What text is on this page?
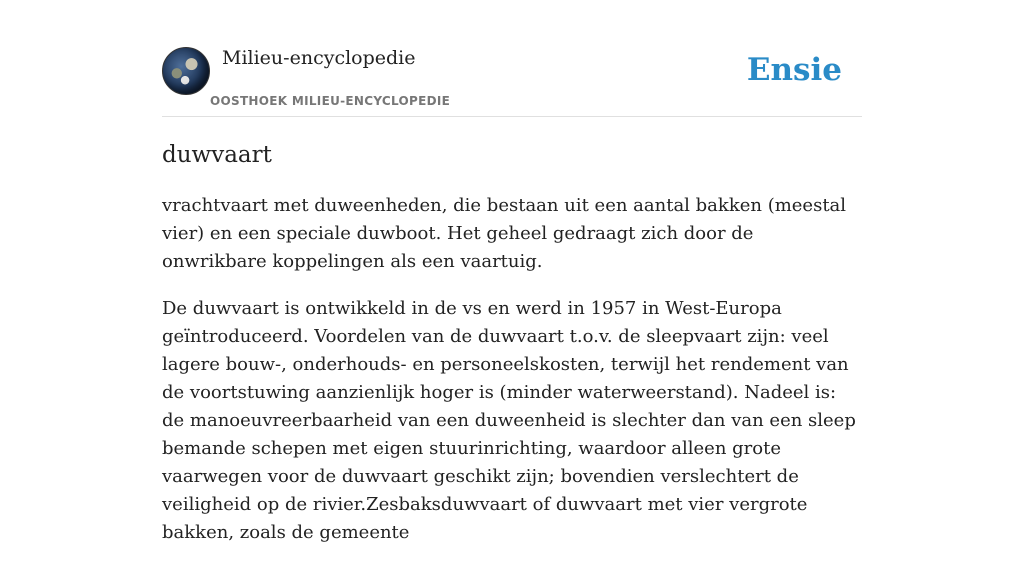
Milieu-encyclopedie
OOSTHOEK MILIEU-ENCYCLOPEDIE
Ensie
duwvaart

vrachtvaart met duweenheden, die bestaan uit een aantal bakken (meestal vier) en een speciale duwboot. Het geheel gedraagt zich door de onwrikbare koppelingen als een vaartuig.

De duwvaart is ontwikkeld in de vs en werd in 1957 in West-Europa geïntroduceerd. Voordelen van de duwvaart t.o.v. de sleepvaart zijn: veel lagere bouw-, onderhouds- en personeelskosten, terwijl het rendement van de voortstuwing aanzienlijk hoger is (minder waterweerstand). Nadeel is: de manoeuvreerbaarheid van een duweenheid is slechter dan van een sleep bemande schepen met eigen stuurinrichting, waardoor alleen grote vaarwegen voor de duwvaart geschikt zijn; bovendien verslechtert de veiligheid op de rivier.Zesbaksduwvaart of duwvaart met vier vergrote bakken, zoals de gemeente
